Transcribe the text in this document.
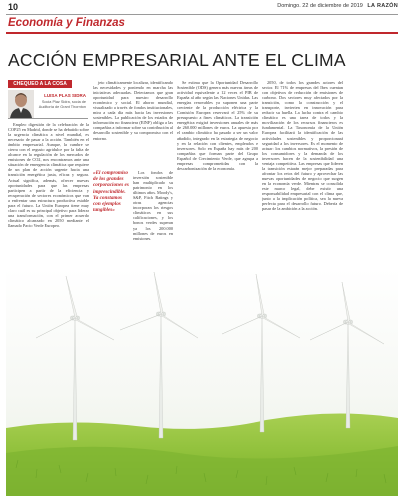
10	Domingo. 22 de diciembre de 2019 LA RAZÓN
Economía y Finanzas
ACCIÓN EMPRESARIAL ANTE EL CLIMA
CHEQUEO A LA COSA
LUISA PLAS SIDRA
Socia Plaz Sidra, socia de Auditoría de Grant Thornton

Empleo digestión de la celebración de la COP25 en Madrid, donde se ha debatido sobre la urgencia climática a nivel mundial, es necesario de pasar a la acción. También en el ámbito empresarial. Aunque, la cumbre se cierra con el regusto agridulce por la falta de alcance en la regulación de los mercados de emisiones de CO2, nos encontramos ante una situación de emergencia climática que requiere de un plan de acción urgente hacia una transición energética justa, eficaz y segura. Actual significa, además, ofrecer nuevas oportunidades para que las empresas participen a partir de la eficiencia y recuperación de sectores económicos que van a enfrentar una estructura productiva estable para el futuro. La Unión Europea tiene muy claro cuál es su principal objetivo para liderar una transformación, con el primer acuerdo climático alcanzado en 2050 mediante el llamado Pacto Verde Europeo.

jeto climáticamente localizar, identificando las necesidades y poniendo en marcha las iniciativas adecuadas. Detectamos que gran oportunidad para nuestro desarrollo económico y social. El ahorro mundial, visualizado a través de fondos institucionales, mira a cada día más hacia las inversiones sostenibles. La publicación de los estados de información no financiera (EINF) obliga a las compañías a informar sobre su contribución al desarrollo sostenible y su compromiso con el entorno.

«El compromiso de los grandes corporaciones es imprescindible. Ya constamos con ejemplos tangibles»

Los fondos de inversión sostenible han multiplicado su patrimonio en los últimos años. Moody's, S&P, Fitch Ratings y otras agencias incorporan los riesgos climáticos en sus calificaciones, y los bonos verdes superan ya los 200.000 millones de euros en emisiones.

Se estima que la Oportunidad Desarrollo Sostenible (ODS) genera más nuevas áreas de actividad equivalente a 12 veces el PIB de España al año según las Naciones Unidas. Las energías renovables ya suponen una parte creciente de la producción eléctrica y la Comisión Europea reservará el 25% de su presupuesto a fines climáticos. La transición energética exigirá inversiones anuales de más de 260.000 millones de euros. La apuesta por el cambio climático ha pasado a ser un valor añadido, integrado en la estrategia de negocio y en la relación con clientes, empleados e inversores. Solo en España hay más de 200 compañías que forman parte del Grupo Español de Crecimiento Verde, que agrupa a empresas comprometidas con la descarbonización de la economía.

2050, de todos los grandes actores del sector. El 71% de empresas del Ibex cuentan con objetivos de reducción de emisiones de carbono. Dos sectores muy afectados por la transición, como la construcción y el transporte, invierten en innovación para reducir su huella. La lucha contra el cambio climático es una tarea de todos y la movilización de los recursos financieros es fundamental. La Taxonomía de la Unión Europea facilitará la identificación de las actividades sostenibles y proporcionará seguridad a los inversores. Es el momento de actuar: los cambios normativos, la presión de los consumidores y la demanda de los inversores hacen de la sostenibilidad una ventaja competitiva. Las empresas que lideren la transición estarán mejor preparadas para afrontar los retos del futuro y aprovechar las nuevas oportunidades de negocio que surgen en la economía verde. Mientras se consolida este marco legal, debe existir una responsabilidad empresarial con el clima que, junto a la implicación política, sea la nueva perfecta para el desarrollo futuro. Debería de pasar de la ambición a la acción.
